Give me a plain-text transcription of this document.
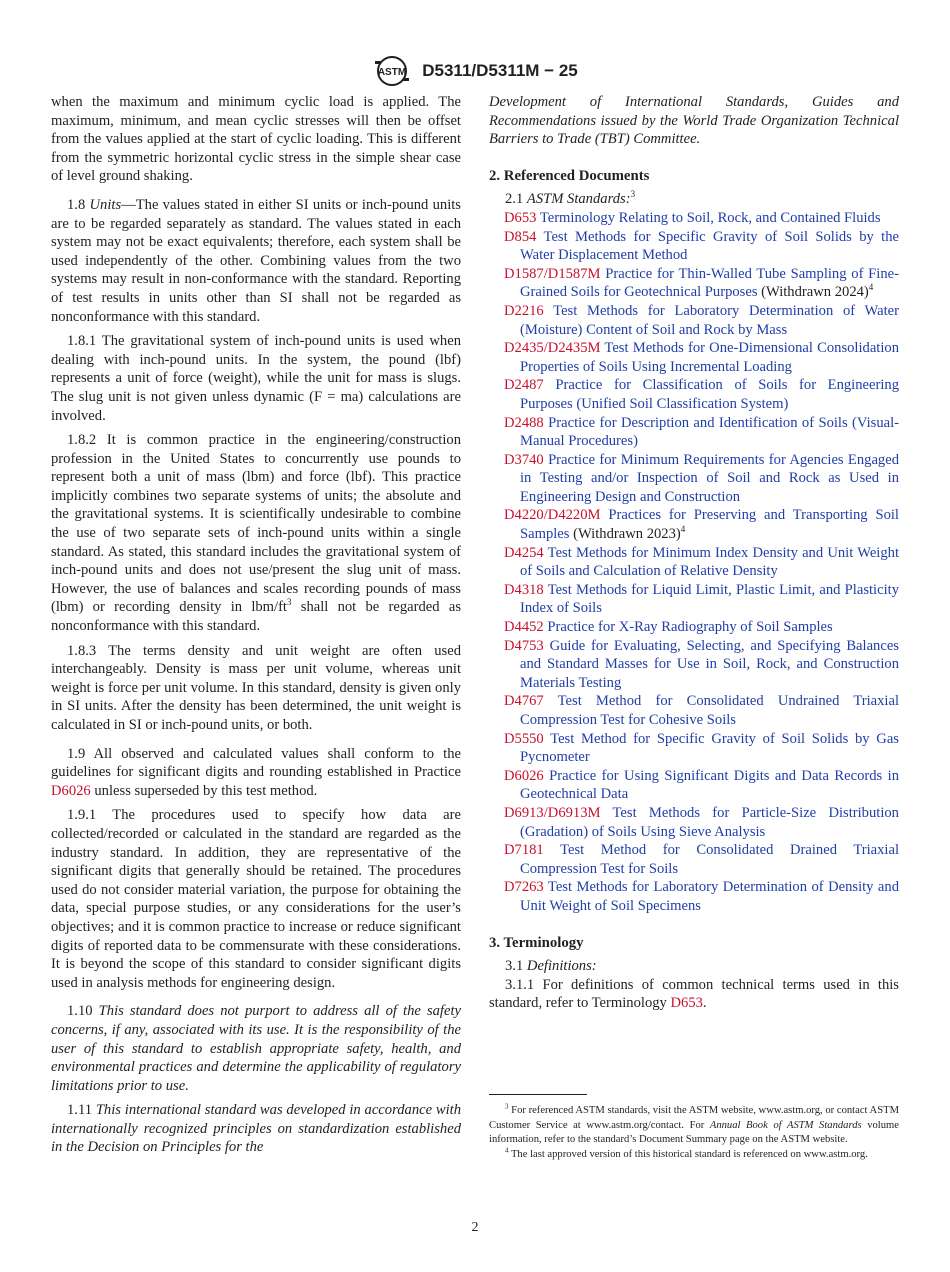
ASTM D5311/D5311M − 25

when the maximum and minimum cyclic load is applied. The maximum, minimum, and mean cyclic stresses will then be offset from the values applied at the start of cyclic loading. This is different from the symmetric horizontal cyclic stress in the simple shear case of level ground shaking.

1.8 Units—The values stated in either SI units or inch-pound units are to be regarded separately as standard. The values stated in each system may not be exact equivalents; therefore, each system shall be used independently of the other. Combining values from the two systems may result in non-conformance with the standard. Reporting of test results in units other than SI shall not be regarded as nonconformance with this standard.

1.8.1 The gravitational system of inch-pound units is used when dealing with inch-pound units. In the system, the pound (lbf) represents a unit of force (weight), while the unit for mass is slugs. The slug unit is not given unless dynamic (F = ma) calculations are involved.

1.8.2 It is common practice in the engineering/construction profession in the United States to concurrently use pounds to represent both a unit of mass (lbm) and force (lbf). This practice implicitly combines two separate systems of units; the absolute and the gravitational systems. It is scientifically undesirable to combine the use of two separate sets of inch-pound units within a single standard. As stated, this standard includes the gravitational system of inch-pound units and does not use/present the slug unit of mass. However, the use of balances and scales recording pounds of mass (lbm) or recording density in lbm/$ft^3$ shall not be regarded as nonconformance with this standard.

1.8.3 The terms density and unit weight are often used interchangeably. Density is mass per unit volume, whereas unit weight is force per unit volume. In this standard, density is given only in SI units. After the density has been determined, the unit weight is calculated in SI or inch-pound units, or both.

1.9 All observed and calculated values shall conform to the guidelines for significant digits and rounding established in Practice D6026 unless superseded by this test method.

1.9.1 The procedures used to specify how data are collected/recorded or calculated in the standard are regarded as the industry standard. In addition, they are representative of the significant digits that generally should be retained. The procedures used do not consider material variation, the purpose for obtaining the data, special purpose studies, or any considerations for the user’s objectives; and it is common practice to increase or reduce significant digits of reported data to be commensurate with these considerations. It is beyond the scope of this standard to consider significant digits used in analysis methods for engineering design.

1.10 This standard does not purport to address all of the safety concerns, if any, associated with its use. It is the responsibility of the user of this standard to establish appropriate safety, health, and environmental practices and determine the applicability of regulatory limitations prior to use.

1.11 This international standard was developed in accordance with internationally recognized principles on standardization established in the Decision on Principles for the

Development of International Standards, Guides and Recommendations issued by the World Trade Organization Technical Barriers to Trade (TBT) Committee.

2. Referenced Documents

2.1 ASTM Standards:$^3$

D653 Terminology Relating to Soil, Rock, and Contained Fluids

D854 Test Methods for Specific Gravity of Soil Solids by the Water Displacement Method

D1587/D1587M Practice for Thin-Walled Tube Sampling of Fine-Grained Soils for Geotechnical Purposes (Withdrawn 2024)$^4$

D2216 Test Methods for Laboratory Determination of Water (Moisture) Content of Soil and Rock by Mass

D2435/D2435M Test Methods for One-Dimensional Consolidation Properties of Soils Using Incremental Loading

D2487 Practice for Classification of Soils for Engineering Purposes (Unified Soil Classification System)

D2488 Practice for Description and Identification of Soils (Visual-Manual Procedures)

D3740 Practice for Minimum Requirements for Agencies Engaged in Testing and/or Inspection of Soil and Rock as Used in Engineering Design and Construction

D4220/D4220M Practices for Preserving and Transporting Soil Samples (Withdrawn 2023)$^4$

D4254 Test Methods for Minimum Index Density and Unit Weight of Soils and Calculation of Relative Density

D4318 Test Methods for Liquid Limit, Plastic Limit, and Plasticity Index of Soils

D4452 Practice for X-Ray Radiography of Soil Samples

D4753 Guide for Evaluating, Selecting, and Specifying Balances and Standard Masses for Use in Soil, Rock, and Construction Materials Testing

D4767 Test Method for Consolidated Undrained Triaxial Compression Test for Cohesive Soils

D5550 Test Method for Specific Gravity of Soil Solids by Gas Pycnometer

D6026 Practice for Using Significant Digits and Data Records in Geotechnical Data

D6913/D6913M Test Methods for Particle-Size Distribution (Gradation) of Soils Using Sieve Analysis

D7181 Test Method for Consolidated Drained Triaxial Compression Test for Soils

D7263 Test Methods for Laboratory Determination of Density and Unit Weight of Soil Specimens

3. Terminology

3.1 Definitions:

3.1.1 For definitions of common technical terms used in this standard, refer to Terminology D653.

$^3$ For referenced ASTM standards, visit the ASTM website, www.astm.org, or contact ASTM Customer Service at www.astm.org/contact. For Annual Book of ASTM Standards volume information, refer to the standard’s Document Summary page on the ASTM website.

$^4$ The last approved version of this historical standard is referenced on www.astm.org.

2
